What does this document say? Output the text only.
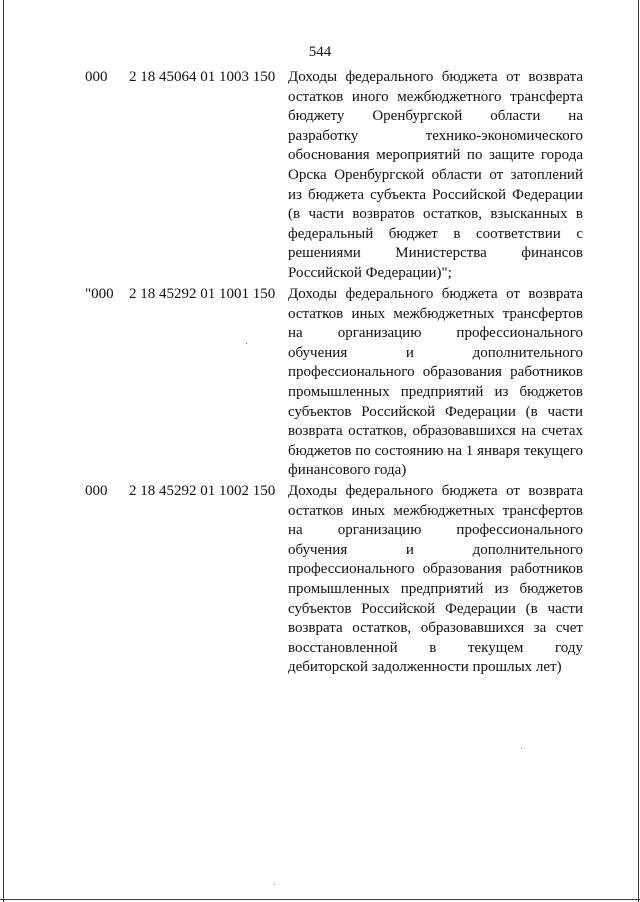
544
000 2 18 45064 01 1003 150 Доходы федерального бюджета от возврата
остатков иного межбюджетного трансферта
бюджету Оренбургской области на
разработку технико-экономического
обоснования мероприятий по защите города
Орска Оренбургской области от затоплений
из бюджета субъекта Российской Федерации
(в части возвратов остатков, взысканных в
федеральный бюджет в соответствии с
решениями Министерства финансов
Российской Федерации)";
"000 2 18 45292 01 1001 150 Доходы федерального бюджета от возврата
остатков иных межбюджетных трансфертов
на организацию профессионального
обучения и дополнительного
профессионального образования работников
промышленных предприятий из бюджетов
субъектов Российской Федерации (в части
возврата остатков, образовавшихся на счетах
бюджетов по состоянию на 1 января текущего
финансового года)
000 2 18 45292 01 1002 150 Доходы федерального бюджета от возврата
остатков иных межбюджетных трансфертов
на организацию профессионального
обучения и дополнительного
профессионального образования работников
промышленных предприятий из бюджетов
субъектов Российской Федерации (в части
возврата остатков, образовавшихся за счет
восстановленной в текущем году
дебиторской задолженности прошлых лет)
